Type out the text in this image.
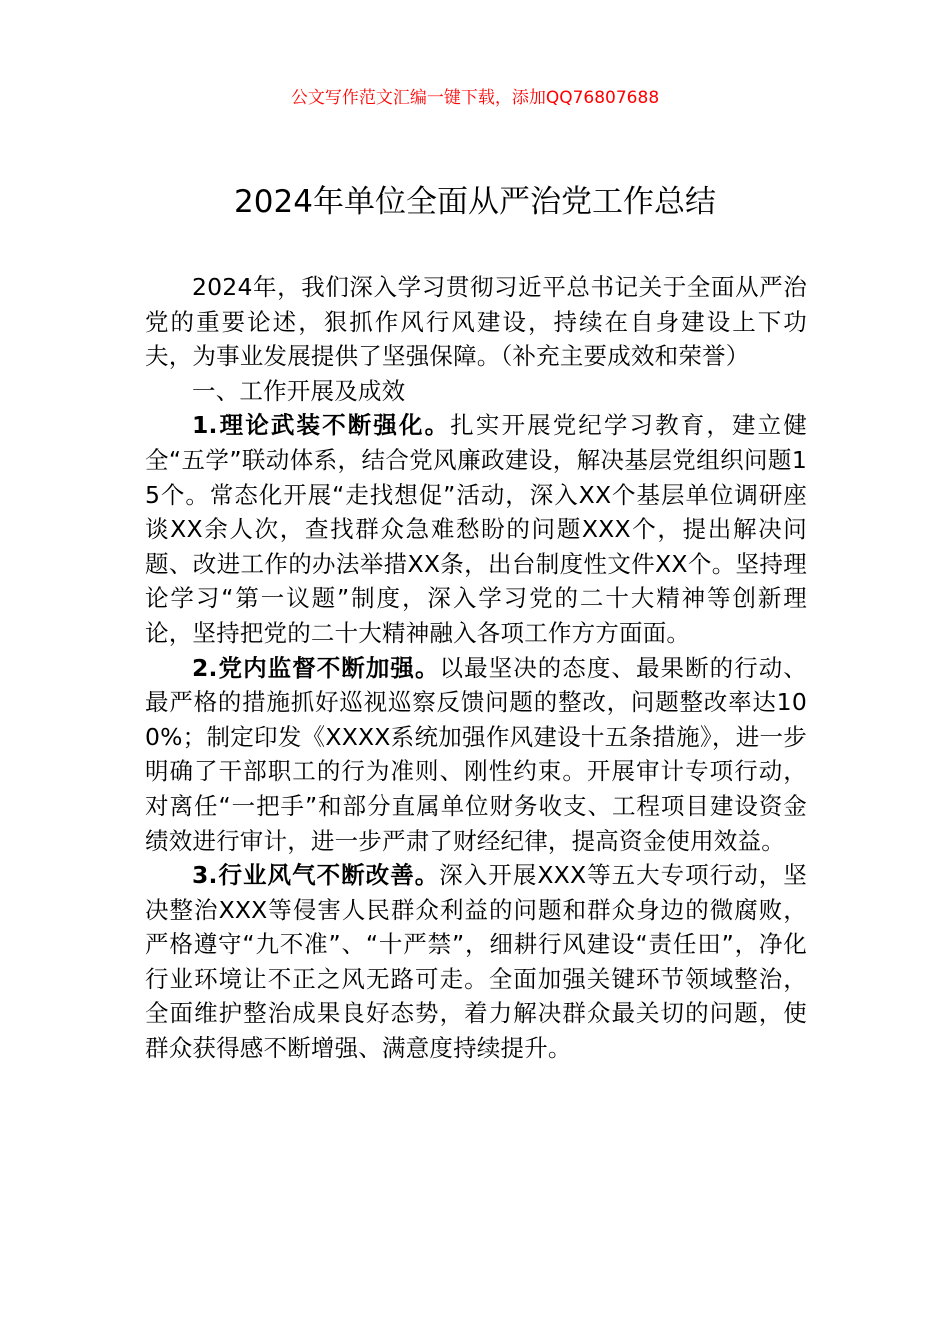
公文写作范文汇编一键下载，添加QQ76807688
2024年单位全面从严治党工作总结

2024年，我们深入学习贯彻习近平总书记关于全面从严治党的重要论述，狠抓作风行风建设，持续在自身建设上下功夫，为事业发展提供了坚强保障。（补充主要成效和荣誉）

一、工作开展及成效

1.理论武装不断强化。扎实开展党纪学习教育，建立健全“五学”联动体系，结合党风廉政建设，解决基层党组织问题15个。常态化开展“走找想促”活动，深入XX个基层单位调研座谈XX余人次，查找群众急难愁盼的问题XXX个，提出解决问题、改进工作的办法举措XX条，出台制度性文件XX个。坚持理论学习“第一议题”制度，深入学习党的二十大精神等创新理论，坚持把党的二十大精神融入各项工作方方面面。

2.党内监督不断加强。以最坚决的态度、最果断的行动、最严格的措施抓好巡视巡察反馈问题的整改，问题整改率达100%；制定印发《XXXX系统加强作风建设十五条措施》，进一步明确了干部职工的行为准则、刚性约束。开展审计专项行动，对离任“一把手”和部分直属单位财务收支、工程项目建设资金绩效进行审计，进一步严肃了财经纪律，提高资金使用效益。

3.行业风气不断改善。深入开展XXX等五大专项行动，坚决整治XXX等侵害人民群众利益的问题和群众身边的微腐败，严格遵守“九不准”、“十严禁”，细耕行风建设“责任田”，净化行业环境让不正之风无路可走。全面加强关键环节领域整治，全面维护整治成果良好态势，着力解决群众最关切的问题，使群众获得感不断增强、满意度持续提升。
